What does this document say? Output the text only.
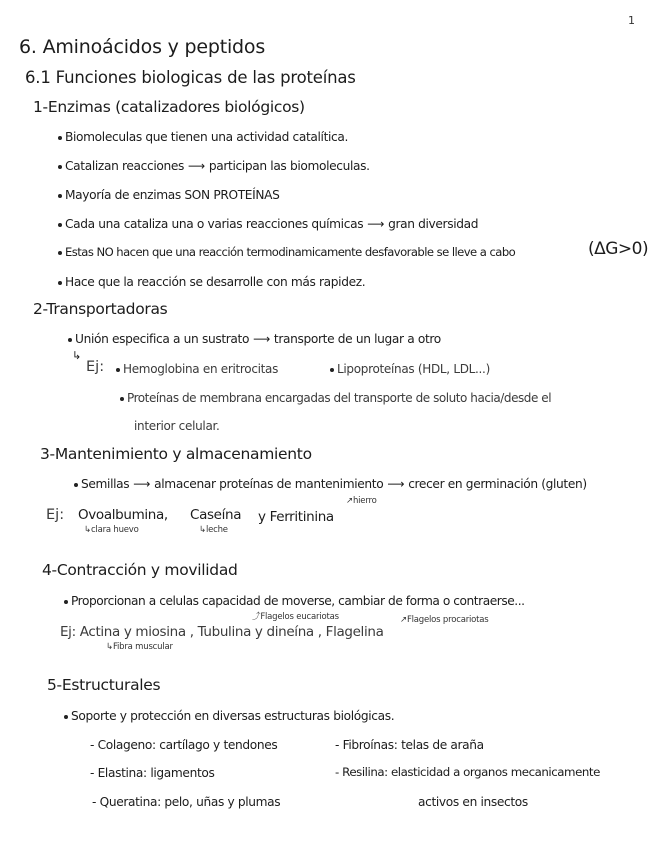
1
6. Aminoácidos y peptidos
6.1 Funciones biologicas de las proteínas
1-Enzimas (catalizadores biológicos)
Biomoleculas que tienen una actividad catalítica.
Catalizan reacciones ⟶ participan las biomoleculas.
Mayoría de enzimas SON PROTEÍNAS
Cada una cataliza una o varias reacciones químicas ⟶ gran diversidad
Estas NO hacen que una reacción termodinamicamente desfavorable se lleve a cabo	(ΔG>0)
Hace que la reacción se desarrolle con más rapidez.
2-Transportadoras
Unión especifica a un sustrato ⟶ transporte de un lugar a otro
↳
Ej:	Hemoglobina en eritrocitas	Lipoproteínas (HDL, LDL...)
Proteínas de membrana encargadas del transporte de soluto hacia/desde el
interior celular.
3-Mantenimiento y almacenamiento
Semillas ⟶ almacenar proteínas de mantenimiento ⟶ crecer en germinación (gluten)
Ej: Ovoalbumina, Caseína y Ferritinina
↗hierro
↳clara huevo	↳leche
4-Contracción y movilidad
Proporcionan a celulas capacidad de moverse, cambiar de forma o contraerse...
⤴Flagelos eucariotas	↗Flagelos procariotas
Ej: Actina y miosina , Tubulina y dineína , Flagelina
↳Fibra muscular
5-Estructurales
Soporte y protección en diversas estructuras biológicas.
- Colageno: cartílago y tendones
- Elastina: ligamentos
- Queratina: pelo, uñas y plumas
- Fibroínas: telas de araña
- Resilina: elasticidad a organos mecanicamente
activos en insectos
